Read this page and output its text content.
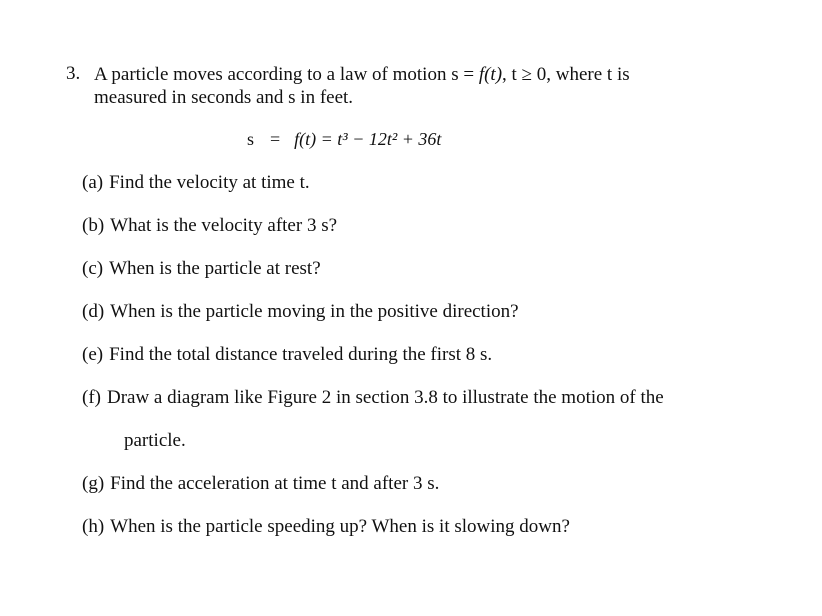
3. A particle moves according to a law of motion s = f(t), t ≥ 0, where t is
measured in seconds and s in feet.
s = f(t) = t³ − 12t² + 36t
(a) Find the velocity at time t.
(b) What is the velocity after 3 s?
(c) When is the particle at rest?
(d) When is the particle moving in the positive direction?
(e) Find the total distance traveled during the first 8 s.
(f) Draw a diagram like Figure 2 in section 3.8 to illustrate the motion of the
particle.
(g) Find the acceleration at time t and after 3 s.
(h) When is the particle speeding up? When is it slowing down?
